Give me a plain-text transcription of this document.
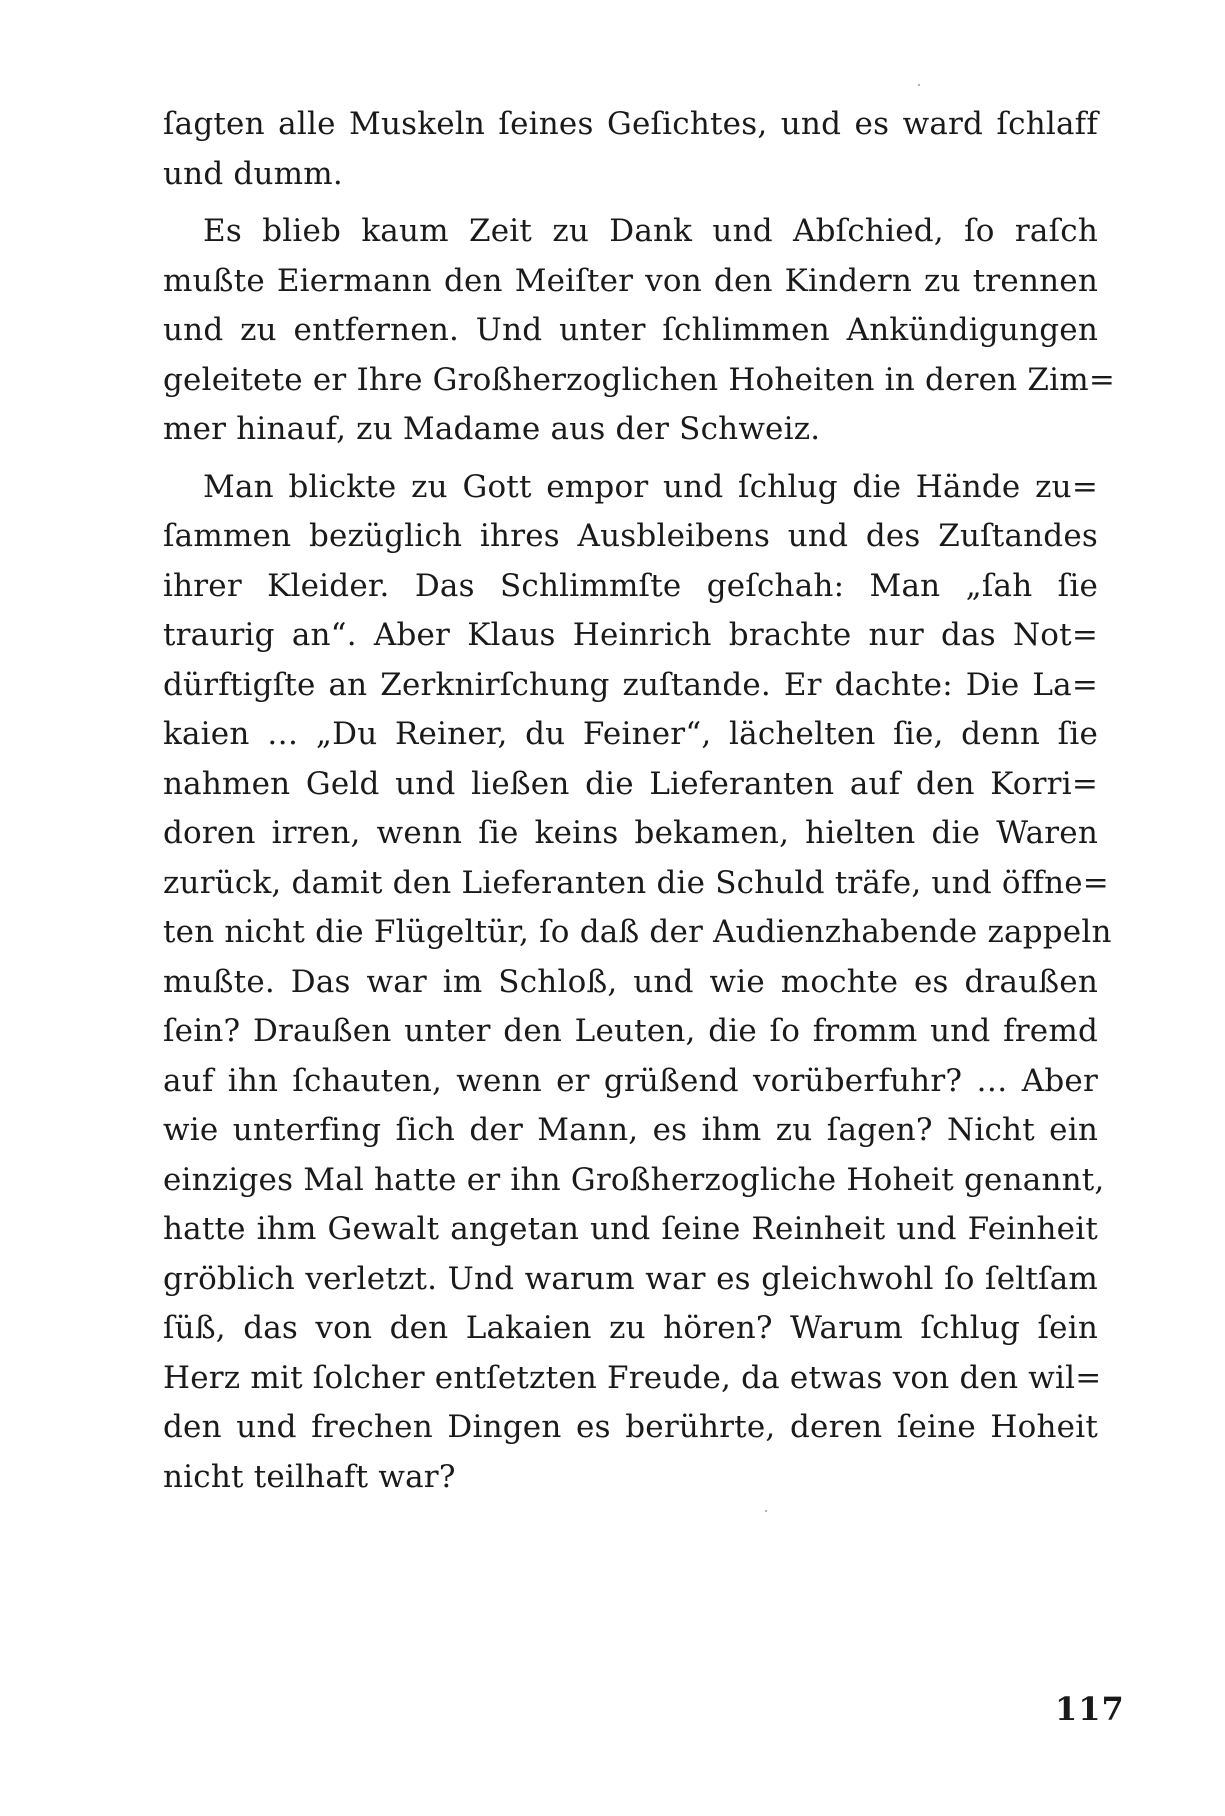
ſagten alle Muskeln ſeines Geſichtes, und es ward ſchlaff
und dumm.
Es blieb kaum Zeit zu Dank und Abſchied, ſo raſch
mußte Eiermann den Meiſter von den Kindern zu trennen
und zu entfernen. Und unter ſchlimmen Ankündigungen
geleitete er Ihre Großherzoglichen Hoheiten in deren Zim=
mer hinauf, zu Madame aus der Schweiz.
Man blickte zu Gott empor und ſchlug die Hände zu=
ſammen bezüglich ihres Ausbleibens und des Zuſtandes
ihrer Kleider. Das Schlimmſte geſchah: Man „ſah ſie
traurig an“. Aber Klaus Heinrich brachte nur das Not=
dürftigſte an Zerknirſchung zuſtande. Er dachte: Die La=
kaien … „Du Reiner, du Feiner“, lächelten ſie, denn ſie
nahmen Geld und ließen die Lieferanten auf den Korri=
doren irren, wenn ſie keins bekamen, hielten die Waren
zurück, damit den Lieferanten die Schuld träfe, und öffne=
ten nicht die Flügeltür, ſo daß der Audienzhabende zappeln
mußte. Das war im Schloß, und wie mochte es draußen
ſein? Draußen unter den Leuten, die ſo fromm und fremd
auf ihn ſchauten, wenn er grüßend vorüberfuhr? … Aber
wie unterfing ſich der Mann, es ihm zu ſagen? Nicht ein
einziges Mal hatte er ihn Großherzogliche Hoheit genannt,
hatte ihm Gewalt angetan und ſeine Reinheit und Feinheit
gröblich verletzt. Und warum war es gleichwohl ſo ſeltſam
ſüß, das von den Lakaien zu hören? Warum ſchlug ſein
Herz mit ſolcher entſetzten Freude, da etwas von den wil=
den und frechen Dingen es berührte, deren ſeine Hoheit
nicht teilhaft war?
117
